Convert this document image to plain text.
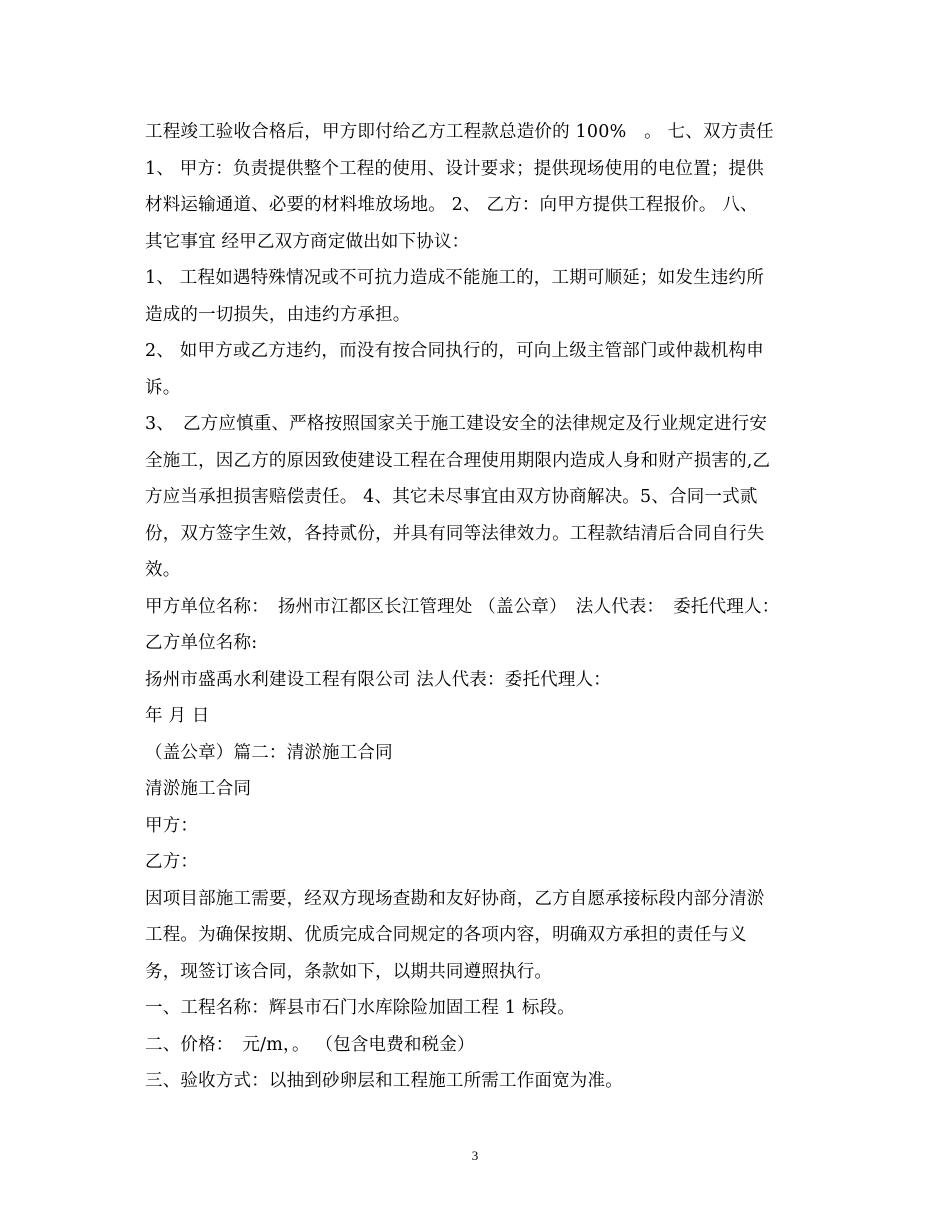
工程竣工验收合格后，甲方即付给乙方工程款总造价的 100%　。 七、双方责任
1、 甲方：负责提供整个工程的使用、设计要求；提供现场使用的电位置；提供
材料运输通道、必要的材料堆放场地。 2、 乙方：向甲方提供工程报价。 八、
其它事宜 经甲乙双方商定做出如下协议：
1、 工程如遇特殊情况或不可抗力造成不能施工的，工期可顺延；如发生违约所
造成的一切损失，由违约方承担。
2、 如甲方或乙方违约，而没有按合同执行的，可向上级主管部门或仲裁机构申
诉。
3、　乙方应慎重、严格按照国家关于施工建设安全的法律规定及行业规定进行安
全施工，因乙方的原因致使建设工程在合理使用期限内造成人身和财产损害的,乙
方应当承担损害赔偿责任。 4、其它未尽事宜由双方协商解决。5、合同一式贰
份，双方签字生效，各持贰份，并具有同等法律效力。工程款结清后合同自行失
效。
甲方单位名称：　扬州市江都区长江管理处 （盖公章）　法人代表：　委托代理人：
乙方单位名称:
扬州市盛禹水利建设工程有限公司 法人代表：委托代理人：
年 月 日
（盖公章）篇二：清淤施工合同
清淤施工合同
甲方：
乙方：
因项目部施工需要，经双方现场查勘和友好协商，乙方自愿承接标段内部分清淤
工程。为确保按期、优质完成合同规定的各项内容，明确双方承担的责任与义
务，现签订该合同，条款如下，以期共同遵照执行。
一、工程名称：辉县市石门水库除险加固工程 1 标段。
二、价格：　元/m，。 （包含电费和税金）
三、验收方式：以抽到砂卵层和工程施工所需工作面宽为准。
3
